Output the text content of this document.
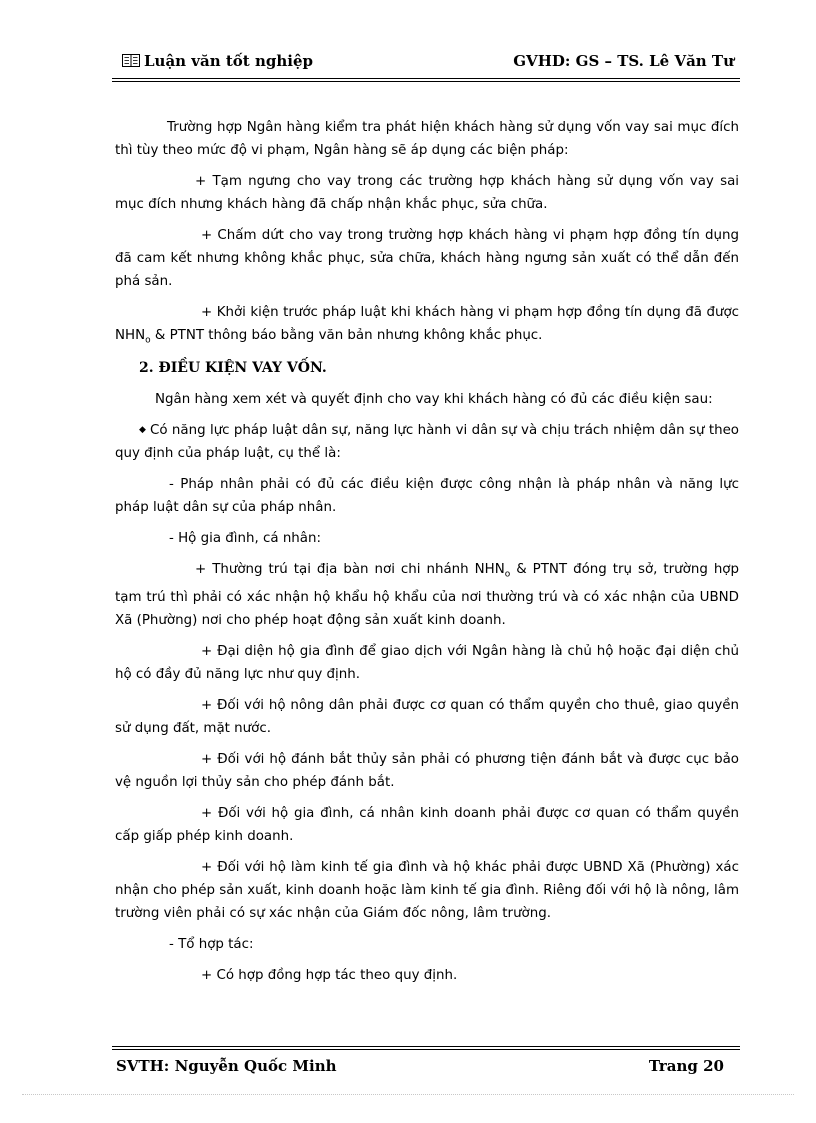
Luận văn tốt nghiệp	GVHD: GS – TS. Lê Văn Tư

Trường hợp Ngân hàng kiểm tra phát hiện khách hàng sử dụng vốn vay sai mục đích thì tùy theo mức độ vi phạm, Ngân hàng sẽ áp dụng các biện pháp:

+ Tạm ngưng cho vay trong các trường hợp khách hàng sử dụng vốn vay sai mục đích nhưng khách hàng đã chấp nhận khắc phục, sửa chữa.

+ Chấm dứt cho vay trong trường hợp khách hàng vi phạm hợp đồng tín dụng đã cam kết nhưng không khắc phục, sửa chữa, khách hàng ngưng sản xuất có thể dẫn đến phá sản.

+ Khởi kiện trước pháp luật khi khách hàng vi phạm hợp đồng tín dụng đã được $NHN_o$ & PTNT thông báo bằng văn bản nhưng không khắc phục.

2. ĐIỀU KIỆN VAY VỐN.

Ngân hàng xem xét và quyết định cho vay khi khách hàng có đủ các điều kiện sau:

◆ Có năng lực pháp luật dân sự, năng lực hành vi dân sự và chịu trách nhiệm dân sự theo quy định của pháp luật, cụ thể là:

- Pháp nhân phải có đủ các điều kiện được công nhận là pháp nhân và năng lực pháp luật dân sự của pháp nhân.

- Hộ gia đình, cá nhân:

+ Thường trú tại địa bàn nơi chi nhánh $NHN_o$ & PTNT đóng trụ sở, trường hợp tạm trú thì phải có xác nhận hộ khẩu hộ khẩu của nơi thường trú và có xác nhận của UBND Xã (Phường) nơi cho phép hoạt động sản xuất kinh doanh.

+ Đại diện hộ gia đình để giao dịch với Ngân hàng là chủ hộ hoặc đại diện chủ hộ có đầy đủ năng lực như quy định.

+ Đối với hộ nông dân phải được cơ quan có thẩm quyền cho thuê, giao quyền sử dụng đất, mặt nước.

+ Đối với hộ đánh bắt thủy sản phải có phương tiện đánh bắt và được cục bảo vệ nguồn lợi thủy sản cho phép đánh bắt.

+ Đối với hộ gia đình, cá nhân kinh doanh phải được cơ quan có thẩm quyền cấp giấp phép kinh doanh.

+ Đối với hộ làm kinh tế gia đình và hộ khác phải được UBND Xã (Phường) xác nhận cho phép sản xuất, kinh doanh hoặc làm kinh tế gia đình. Riêng đối với hộ là nông, lâm trường viên phải có sự xác nhận của Giám đốc nông, lâm trường.

- Tổ hợp tác:

+ Có hợp đồng hợp tác theo quy định.

SVTH: Nguyễn Quốc Minh	Trang 20
